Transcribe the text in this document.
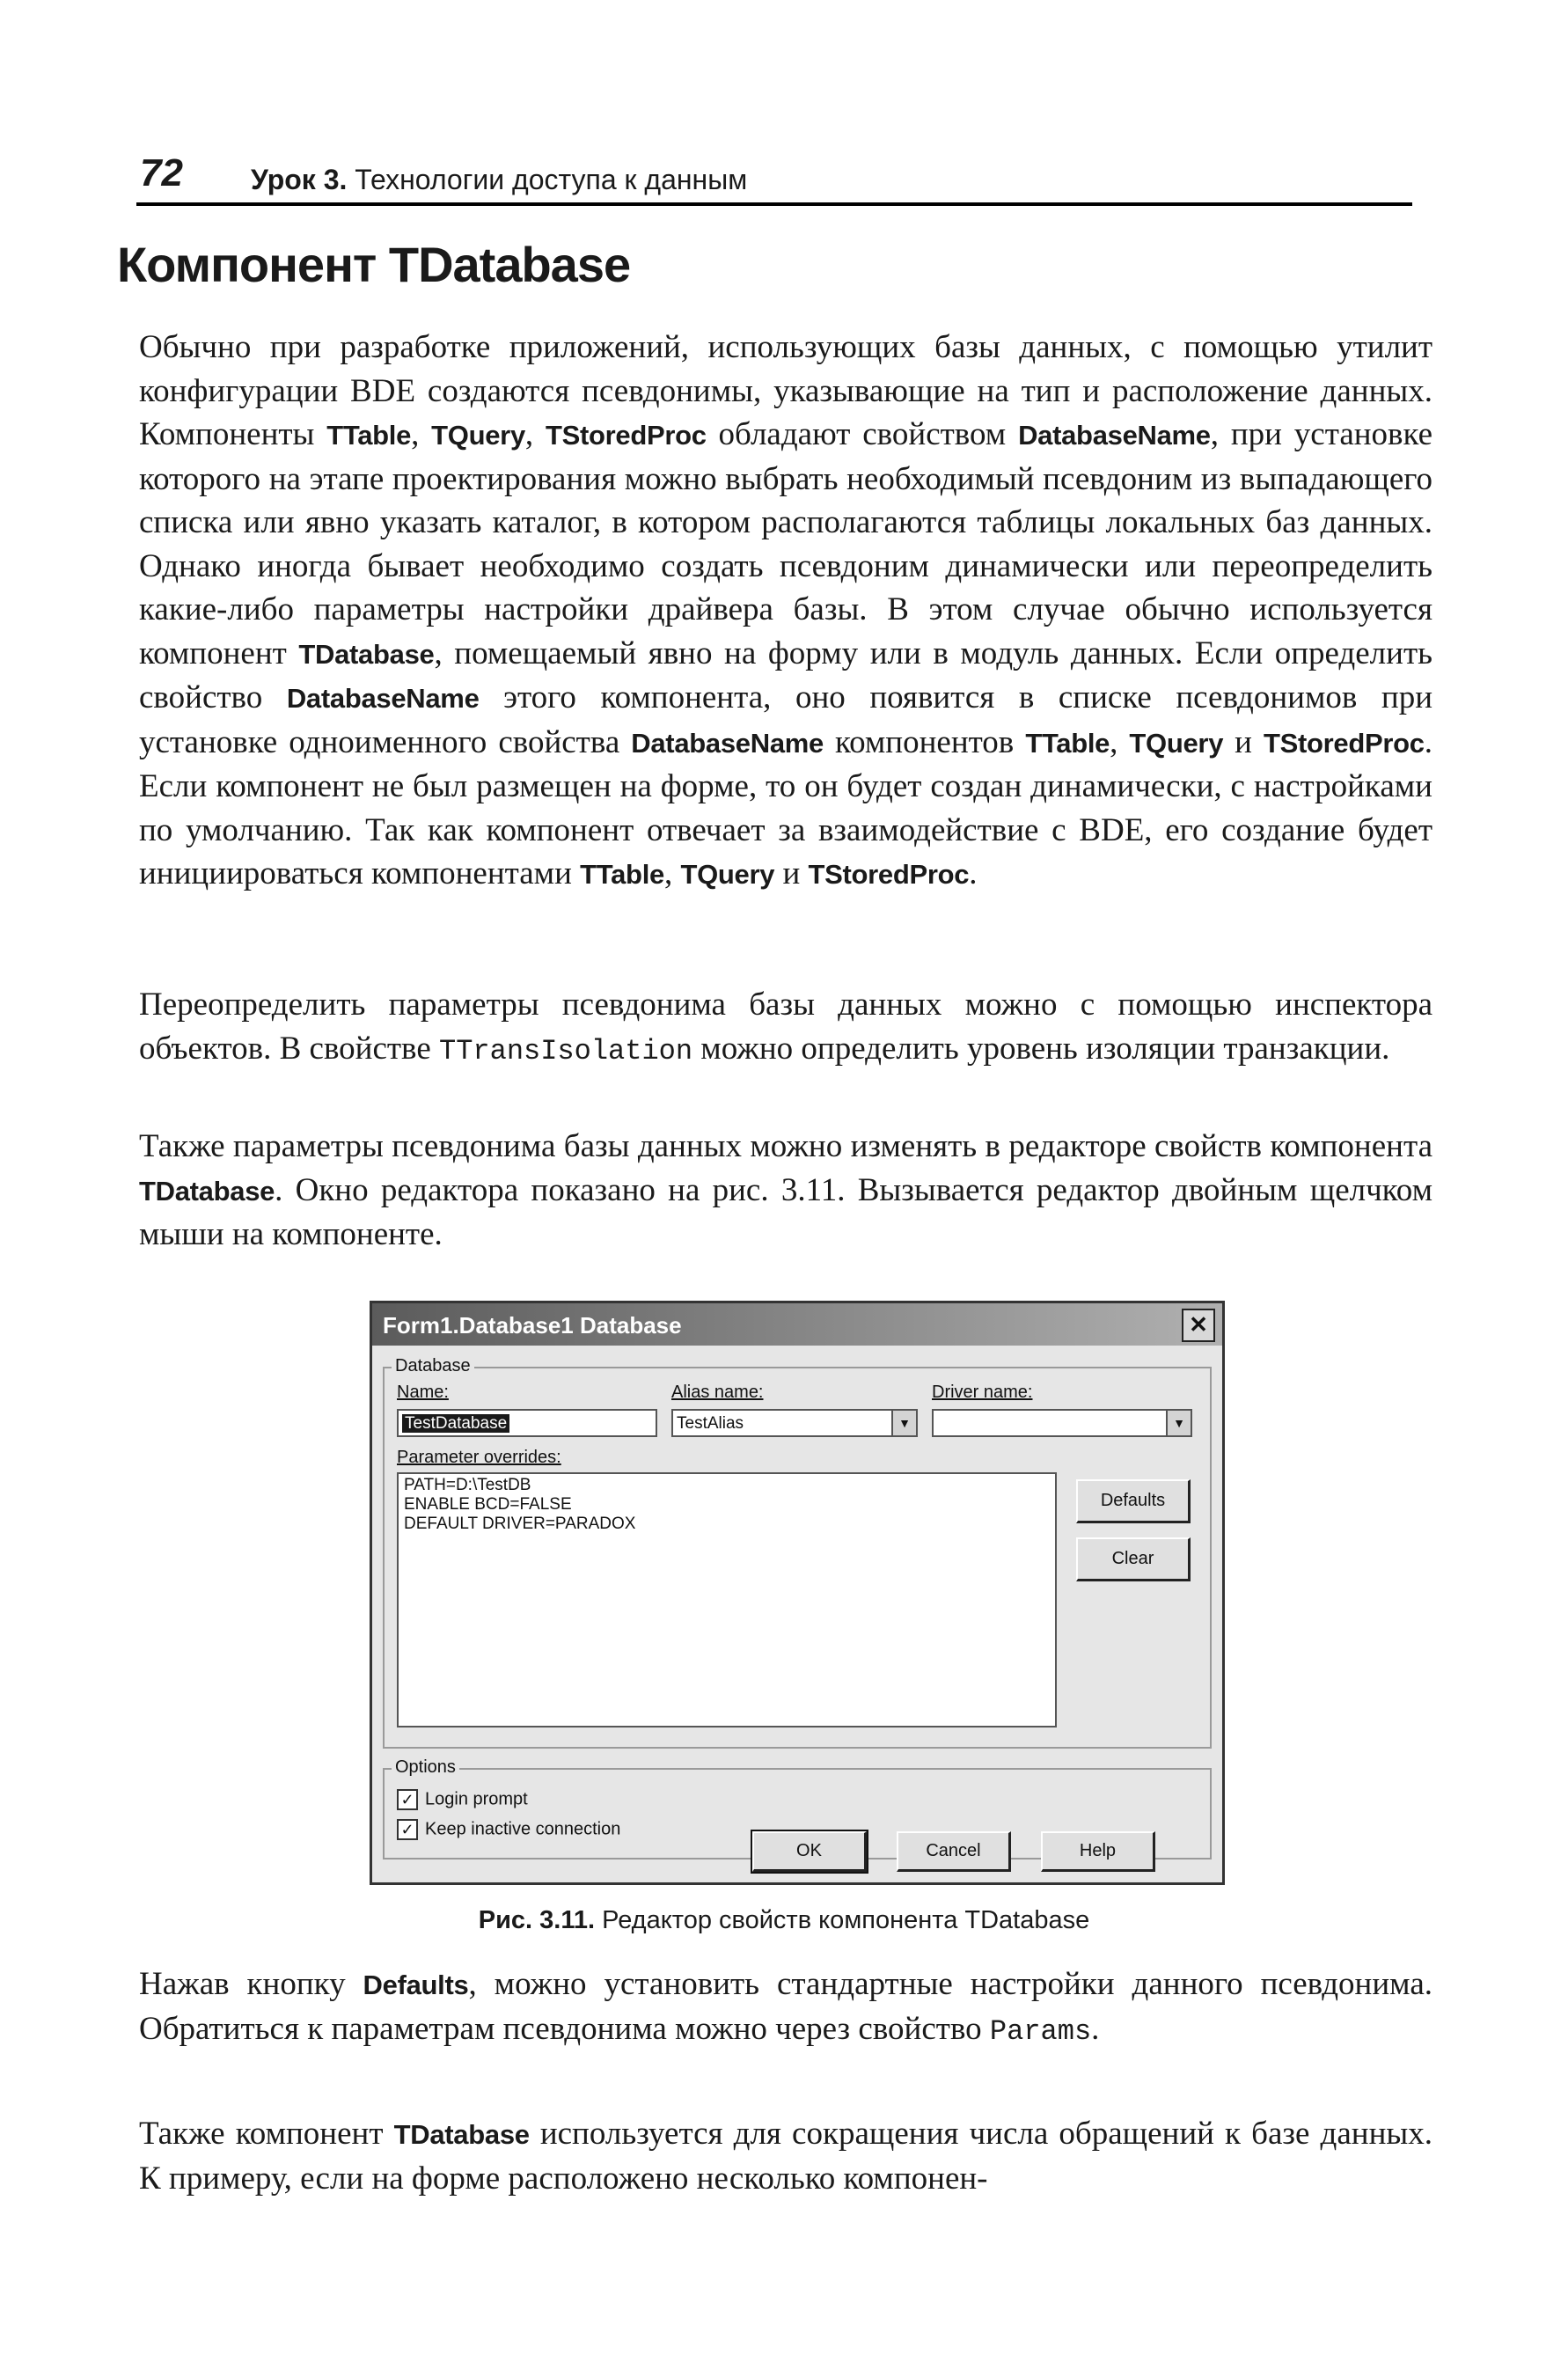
72 Урок 3. Технологии доступа к данным
Компонент TDatabase
Обычно при разработке приложений, использующих базы данных, с помощью утилит конфигурации BDE создаются псевдонимы, указывающие на тип и расположение данных. Компоненты TTable, TQuery, TStoredProc обладают свойством DatabaseName, при установке которого на этапе проектирования можно выбрать необходимый псевдоним из выпадающего списка или явно указать каталог, в котором располагаются таблицы локальных баз данных. Однако иногда бывает необходимо создать псевдоним динамически или переопределить какие-либо параметры настройки драйвера базы. В этом случае обычно используется компонент TDatabase, помещаемый явно на форму или в модуль данных. Если определить свойство DatabaseName этого компонента, оно появится в списке псевдонимов при установке одноименного свойства DatabaseName компонентов TTable, TQuery и TStoredProc. Если компонент не был размещен на форме, то он будет создан динамически, с настройками по умолчанию. Так как компонент отвечает за взаимодействие с BDE, его создание будет инициироваться компонентами TTable, TQuery и TStoredProc.
Переопределить параметры псевдонима базы данных можно с помощью инспектора объектов. В свойстве TTransIsolation можно определить уровень изоляции транзакции.
Также параметры псевдонима базы данных можно изменять в редакторе свойств компонента TDatabase. Окно редактора показано на рис. 3.11. Вызывается редактор двойным щелчком мыши на компоненте.
Form1.Database1 Database	✕
Database
Name:
TestDatabase
Alias name:
TestAlias	▼
Driver name:
▼
Parameter overrides:
PATH=D:\TestDB
ENABLE BCD=FALSE
DEFAULT DRIVER=PARADOX
Defaults
Clear
Options
✓ Login prompt
✓ Keep inactive connection
OK	Cancel	Help
Рис. 3.11. Редактор свойств компонента TDatabase
Нажав кнопку Defaults, можно установить стандартные настройки данного псевдонима. Обратиться к параметрам псевдонима можно через свойство Params.
Также компонент TDatabase используется для сокращения числа обращений к базе данных. К примеру, если на форме расположено несколько компонен-
